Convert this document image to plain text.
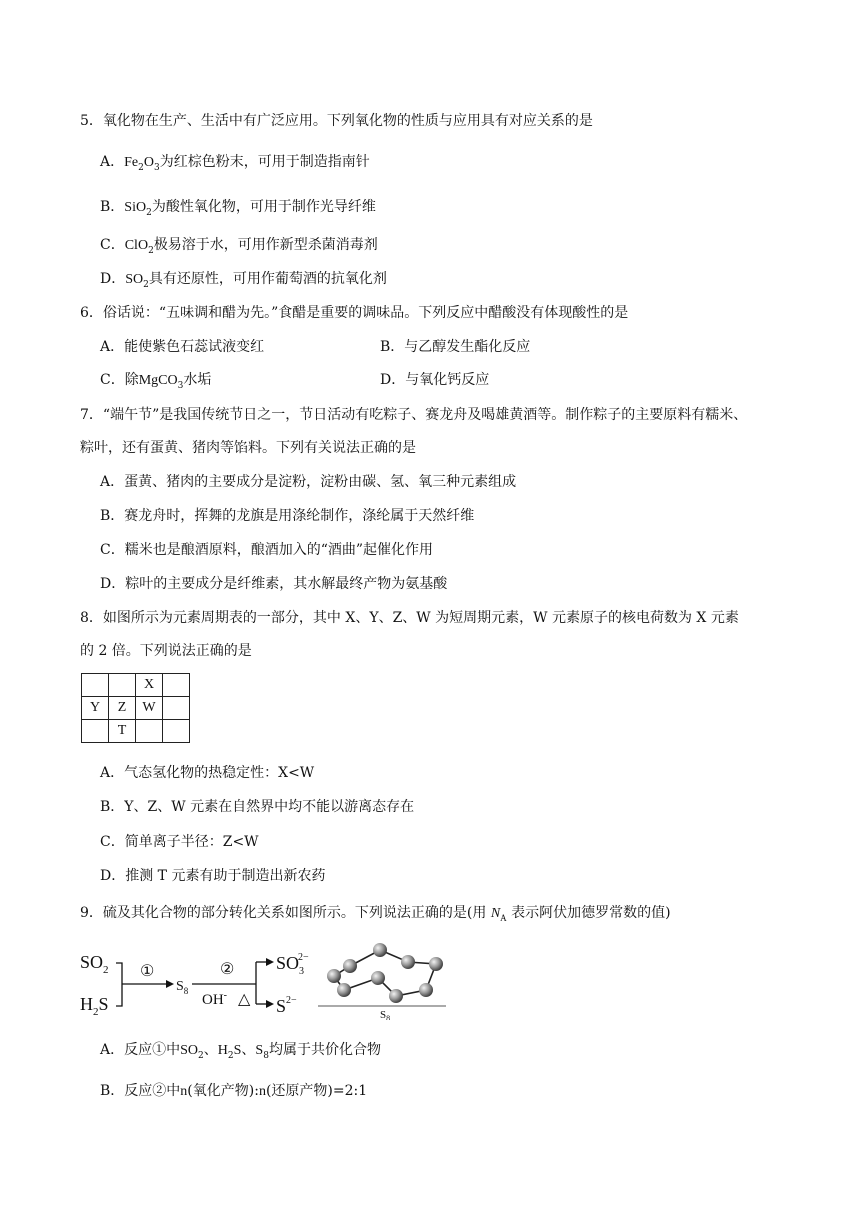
5．氧化物在生产、生活中有广泛应用。下列氧化物的性质与应用具有对应关系的是
A．$Fe_2O_3$为红棕色粉末，可用于制造指南针
B．SiO$_2$为酸性氧化物，可用于制作光导纤维
C．ClO$_2$极易溶于水，可用作新型杀菌消毒剂
D．$SO_2$具有还原性，可用作葡萄酒的抗氧化剂
6．俗话说：“五味调和醋为先。”食醋是重要的调味品。下列反应中醋酸没有体现酸性的是
A．能使紫色石蕊试液变红	B．与乙醇发生酯化反应
C．除MgCO$_3$水垢	D．与氧化钙反应
7．“端午节”是我国传统节日之一，节日活动有吃粽子、赛龙舟及喝雄黄酒等。制作粽子的主要原料有糯米、
粽叶，还有蛋黄、猪肉等馅料。下列有关说法正确的是
A．蛋黄、猪肉的主要成分是淀粉，淀粉由碳、氢、氧三种元素组成
B．赛龙舟时，挥舞的龙旗是用涤纶制作，涤纶属于天然纤维
C．糯米也是酿酒原料，酿酒加入的“酒曲”起催化作用
D．粽叶的主要成分是纤维素，其水解最终产物为氨基酸
8．如图所示为元素周期表的一部分，其中 X、Y、Z、W 为短周期元素，W 元素原子的核电荷数为 X 元素
的 2 倍。下列说法正确的是
		X	
Y	Z	W	
	T		
A．气态氢化物的热稳定性：X<W
B．Y、Z、W 元素在自然界中均不能以游离态存在
C．简单离子半径：Z<W
D．推测 T 元素有助于制造出新农药
9．硫及其化合物的部分转化关系如图所示。下列说法正确的是(用 $N_A$ 表示阿伏加德罗常数的值)
$SO_2$
$H_2S$
①
$S_8$
②
OH- △
$SO_32-$
$S^{2-}$
$S_8$
A．反应①中$SO_2$、$H_2S$、$S_8$均属于共价化合物
B．反应②中n(氧化产物):n(还原产物)=2:1
